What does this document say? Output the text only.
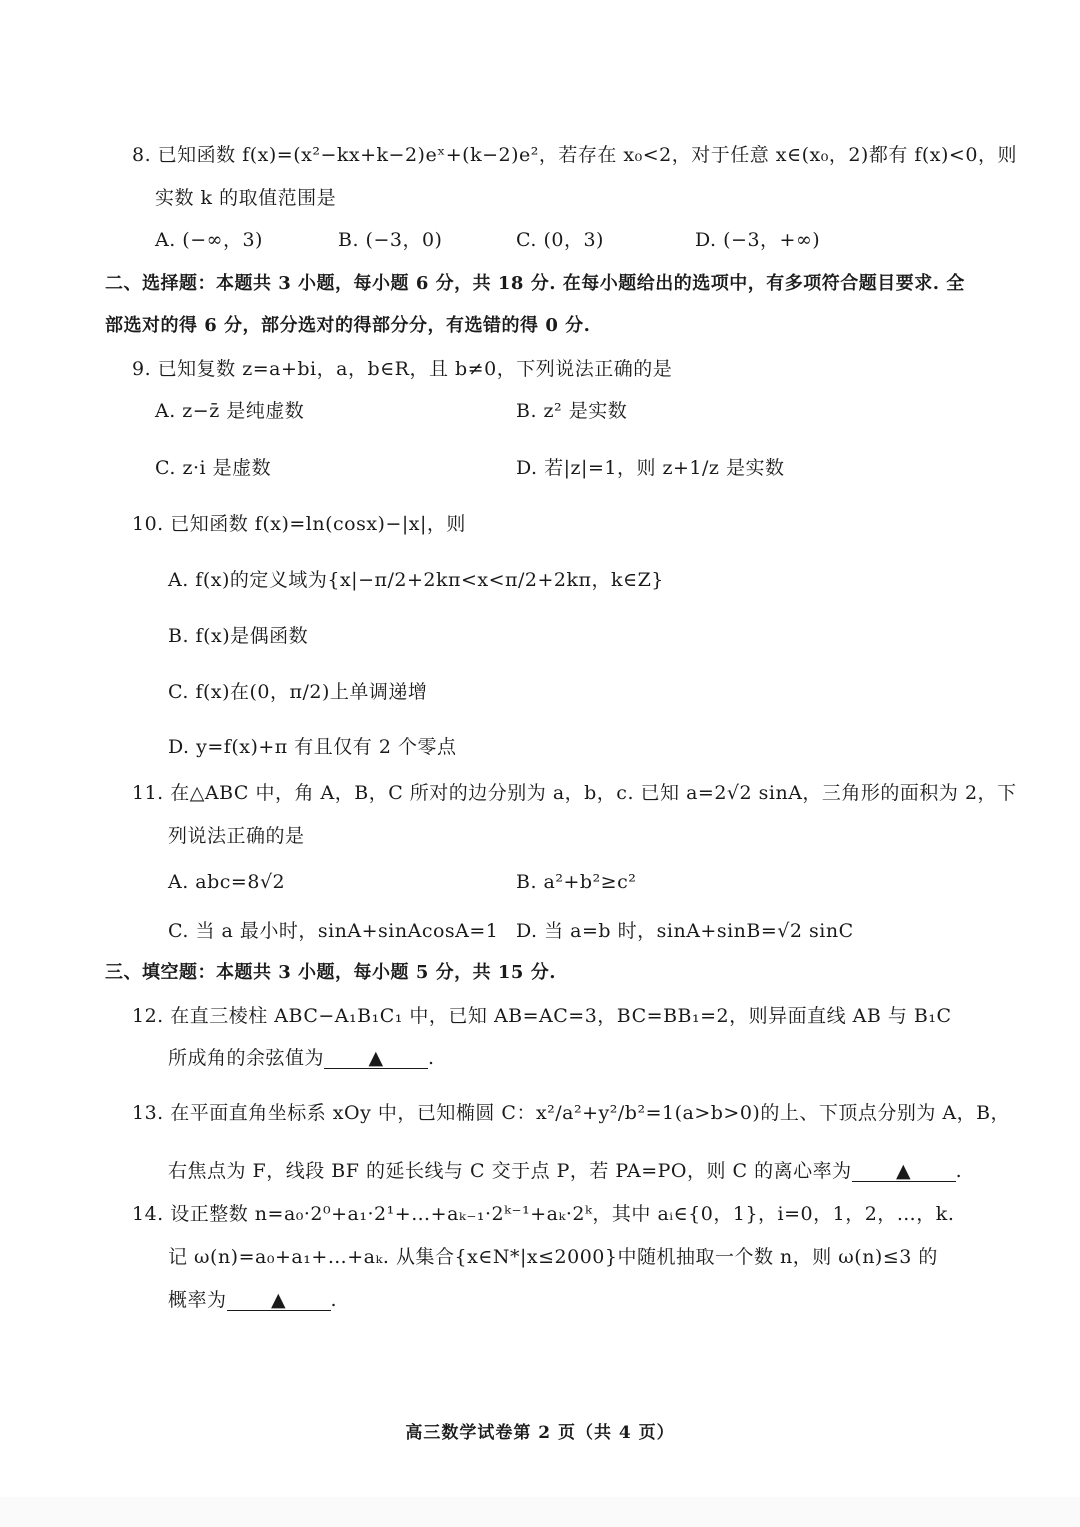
8. 已知函数 f(x)=(x²−kx+k−2)eˣ+(k−2)e²，若存在 x₀<2，对于任意 x∈(x₀，2)都有 f(x)<0，则
实数 k 的取值范围是
A. (−∞，3)	B. (−3，0)	C. (0，3)	D. (−3，+∞)
二、选择题：本题共 3 小题，每小题 6 分，共 18 分. 在每小题给出的选项中，有多项符合题目要求. 全
部选对的得 6 分，部分选对的得部分分，有选错的得 0 分.
9. 已知复数 z=a+bi，a，b∈R，且 b≠0，下列说法正确的是
A. z−z̄ 是纯虚数	B. z² 是实数
C. z·i 是虚数	D. 若|z|=1，则 z+1/z 是实数
10. 已知函数 f(x)=ln(cosx)−|x|，则
A. f(x)的定义域为{x|−π/2+2kπ<x<π/2+2kπ，k∈Z}
B. f(x)是偶函数
C. f(x)在(0，π/2)上单调递增
D. y=f(x)+π 有且仅有 2 个零点
11. 在△ABC 中，角 A，B，C 所对的边分别为 a，b，c. 已知 a=2√2 sinA，三角形的面积为 2，下
列说法正确的是
A. abc=8√2	B. a²+b²≥c²
C. 当 a 最小时，sinA+sinAcosA=1 D. 当 a=b 时，sinA+sinB=√2 sinC
三、填空题：本题共 3 小题，每小题 5 分，共 15 分.
12. 在直三棱柱 ABC−A₁B₁C₁ 中，已知 AB=AC=3，BC=BB₁=2，则异面直线 AB 与 B₁C
所成角的余弦值为 ▲ .
13. 在平面直角坐标系 xOy 中，已知椭圆 C：x²/a²+y²/b²=1(a>b>0)的上、下顶点分别为 A，B，
右焦点为 F，线段 BF 的延长线与 C 交于点 P，若 PA=PO，则 C 的离心率为 ▲ .
14. 设正整数 n=a₀·2⁰+a₁·2¹+…+aₖ₋₁·2ᵏ⁻¹+aₖ·2ᵏ，其中 aᵢ∈{0，1}，i=0，1，2，…，k.
记 ω(n)=a₀+a₁+…+aₖ. 从集合{x∈N*|x≤2000}中随机抽取一个数 n，则 ω(n)≤3 的
概率为 ▲ .
高三数学试卷第 2 页（共 4 页）
